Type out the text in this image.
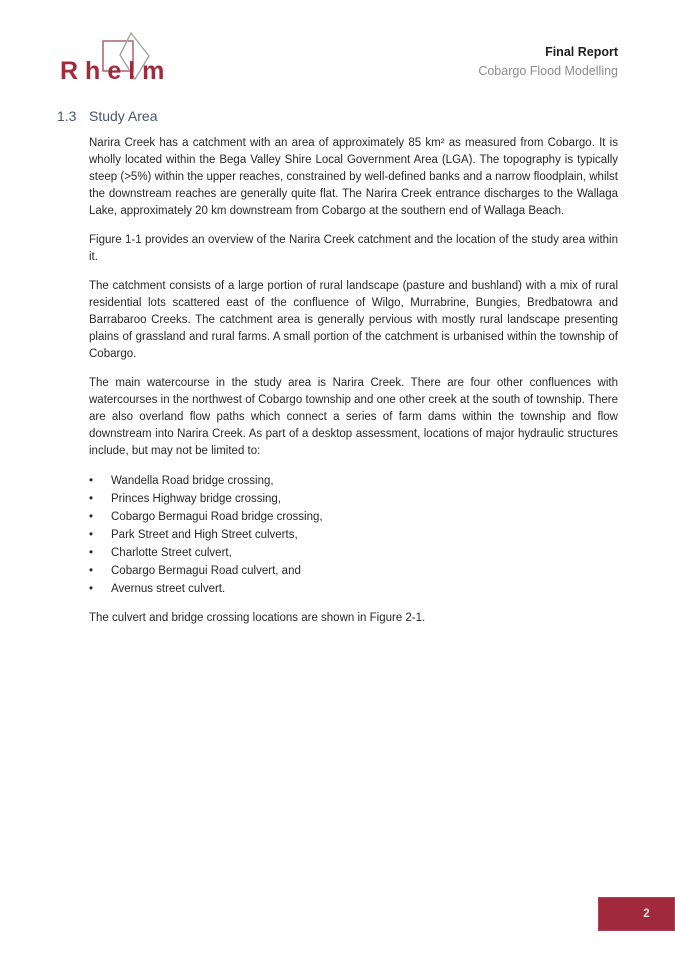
Rhelm
Final Report
Cobargo Flood Modelling
1.3 Study Area

Narira Creek has a catchment with an area of approximately 85 km² as measured from Cobargo. It is wholly located within the Bega Valley Shire Local Government Area (LGA). The topography is typically steep (>5%) within the upper reaches, constrained by well-defined banks and a narrow floodplain, whilst the downstream reaches are generally quite flat. The Narira Creek entrance discharges to the Wallaga Lake, approximately 20 km downstream from Cobargo at the southern end of Wallaga Beach.

Figure 1-1 provides an overview of the Narira Creek catchment and the location of the study area within it.

The catchment consists of a large portion of rural landscape (pasture and bushland) with a mix of rural residential lots scattered east of the confluence of Wilgo, Murrabrine, Bungies, Bredbatowra and Barrabaroo Creeks. The catchment area is generally pervious with mostly rural landscape presenting plains of grassland and rural farms. A small portion of the catchment is urbanised within the township of Cobargo.

The main watercourse in the study area is Narira Creek. There are four other confluences with watercourses in the northwest of Cobargo township and one other creek at the south of township. There are also overland flow paths which connect a series of farm dams within the township and flow downstream into Narira Creek. As part of a desktop assessment, locations of major hydraulic structures include, but may not be limited to:

•	Wandella Road bridge crossing,
•	Princes Highway bridge crossing,
•	Cobargo Bermagui Road bridge crossing,
•	Park Street and High Street culverts,
•	Charlotte Street culvert,
•	Cobargo Bermagui Road culvert, and
•	Avernus street culvert.

The culvert and bridge crossing locations are shown in Figure 2-1.

2
